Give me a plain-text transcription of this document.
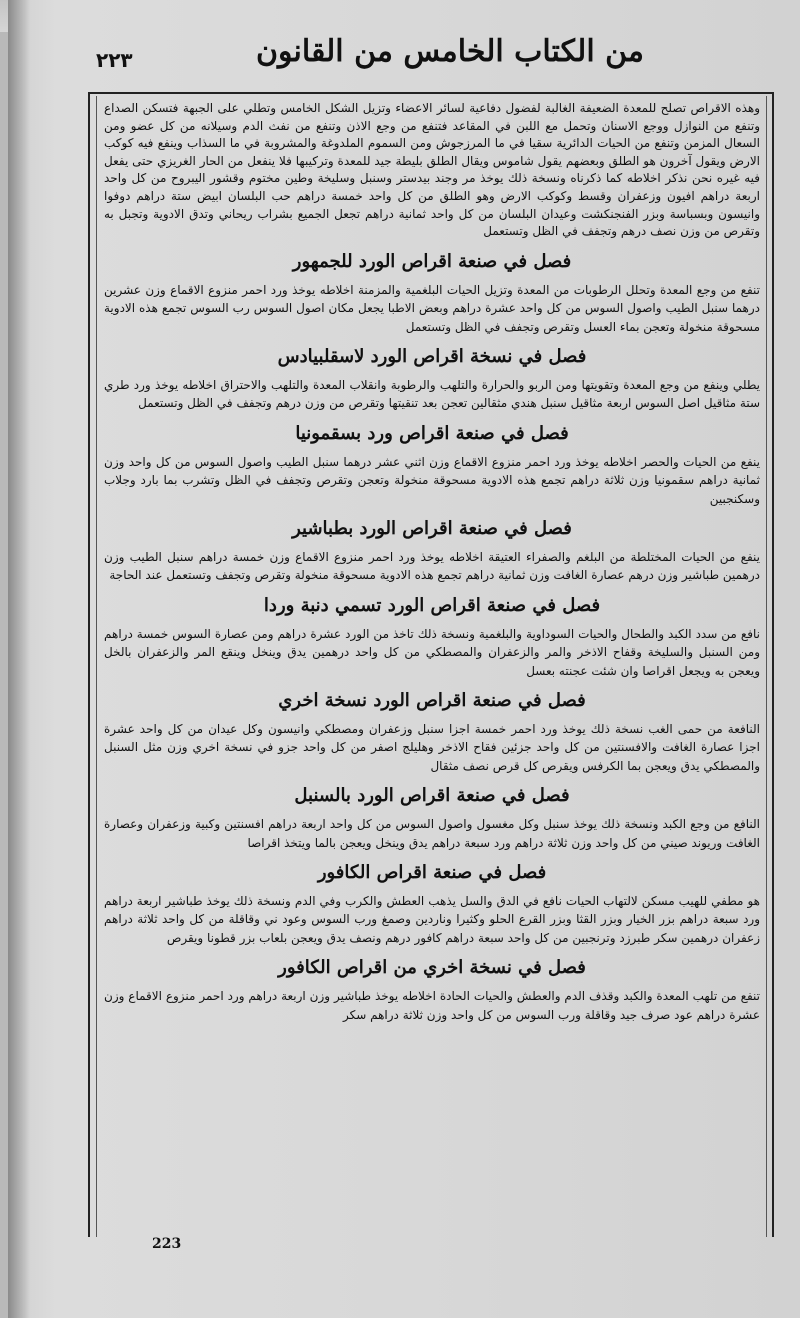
٢٢٣	من الكتاب الخامس من القانون

وهذه الاقراص تصلح للمعدة الضعيفة الغالبة لفضول دفاعية لسائر الاعضاء وتزيل الشكل الخامس وتطلي على الجبهة فتسكن الصداع وتنفع من النوازل ووجع الاسنان وتحمل مع اللبن في المقاعد فتنفع من وجع الاذن وتنفع من نفث الدم وسيلانه من كل عضو ومن السعال المزمن وتنفع من الحيات الدائرية سقيا في ما المرزجوش ومن السموم الملدوغة والمشروبة في ما السذاب وينفع فيه كوكب الارض ويقول آخرون هو الطلق وبعضهم يقول شاموس ويقال الطلق بليطة جيد للمعدة وتركيبها فلا ينفعل من الحار الغريزي حتى يفعل فيه غيره نحن نذكر اخلاطه كما ذكرناه ونسخة ذلك يوخذ مر وجند بيدستر وسنبل وسليخة وطين مختوم وقشور اليبروح من كل واحد اربعة دراهم افيون وزعفران وقسط وكوكب الارض وهو الطلق من كل واحد خمسة دراهم حب البلسان ابيض ستة دراهم دوفوا وانيسون وبسباسة وبزر الفنجنكشت وعيدان البلسان من كل واحد ثمانية دراهم تجعل الجميع بشراب ريحاني وتدق الادوية وتجبل به وتقرص من وزن نصف درهم وتجفف في الظل وتستعمل

فصل في صنعة اقراص الورد للجمهور

تنفع من وجع المعدة وتحلل الرطوبات من المعدة وتزيل الحيات البلغمية والمزمنة اخلاطه يوخذ ورد احمر منزوع الاقماع وزن عشرين درهما سنبل الطيب واصول السوس من كل واحد عشرة دراهم وبعض الاطبا يجعل مكان اصول السوس رب السوس تجمع هذه الادوية مسحوقة منخولة وتعجن بماء العسل وتقرص وتجفف في الظل وتستعمل

فصل في نسخة اقراص الورد لاسقلبيادس

يطلي وينفع من وجع المعدة وتقويتها ومن الربو والحرارة والتلهب والرطوبة وانقلاب المعدة والتلهب والاحتراق اخلاطه يوخذ ورد طري ستة مثاقيل اصل السوس اربعة مثاقيل سنبل هندي مثقالين تعجن بعد تنقيتها وتقرص من وزن درهم وتجفف في الظل وتستعمل

فصل في صنعة اقراص ورد بسقمونيا

ينفع من الحيات والحصر اخلاطه يوخذ ورد احمر منزوع الاقماع وزن اثني عشر درهما سنبل الطيب واصول السوس من كل واحد وزن ثمانية دراهم سقمونيا وزن ثلاثة دراهم تجمع هذه الادوية مسحوقة منخولة وتعجن وتقرص وتجفف في الظل وتشرب بما بارد وجلاب وسكنجبين

فصل في صنعة اقراص الورد بطباشير

ينفع من الحيات المختلطة من البلغم والصفراء العتيقة اخلاطه يوخذ ورد احمر منزوع الاقماع وزن خمسة دراهم سنبل الطيب وزن درهمين طباشير وزن درهم عصارة الغافت وزن ثمانية دراهم تجمع هذه الادوية مسحوقة منخولة وتقرص وتجفف وتستعمل عند الحاجة

فصل في صنعة اقراص الورد تسمي دنبة وردا

نافع من سدد الكبد والطحال والحيات السوداوية والبلغمية ونسخة ذلك تاخذ من الورد عشرة دراهم ومن عصارة السوس خمسة دراهم ومن السنبل والسليخة وقفاح الاذخر والمر والزعفران والمصطكي من كل واحد درهمين يدق وينخل وينقع المر والزعفران بالخل ويعجن به ويجعل اقراصا وان شئت عجنته بعسل

فصل في صنعة اقراص الورد نسخة اخري

النافعة من حمى الغب نسخة ذلك يوخذ ورد احمر خمسة اجزا سنبل وزعفران ومصطكي وانيسون وكل عيدان من كل واحد عشرة اجزا عصارة الغافت والافسنتين من كل واحد جزئين فقاح الاذخر وهليلج اصفر من كل واحد جزو في نسخة اخري وزن مثل السنبل والمصطكي يدق ويعجن بما الكرفس ويقرص كل قرص نصف مثقال

فصل في صنعة اقراص الورد بالسنبل

النافع من وجع الكبد ونسخة ذلك يوخذ سنبل وكل مغسول واصول السوس من كل واحد اربعة دراهم افسنتين وكبية وزعفران وعصارة الغافت وريوند صيني من كل واحد وزن ثلاثة دراهم ورد سبعة دراهم يدق وينخل ويعجن بالما ويتخذ اقراصا

فصل في صنعة اقراص الكافور

هو مطفي للهيب مسكن لالتهاب الحيات نافع في الدق والسل يذهب العطش والكرب وفي الدم ونسخة ذلك يوخذ طباشير اربعة دراهم ورد سبعة دراهم بزر الخيار وبزر القثا وبزر القرع الحلو وكثيرا وناردين وصمغ ورب السوس وعود ني وقاقلة من كل واحد ثلاثة دراهم زعفران درهمين سكر طبرزد وترنجبين من كل واحد سبعة دراهم كافور درهم ونصف يدق ويعجن بلعاب بزر قطونا ويقرص

فصل في نسخة اخري من اقراص الكافور

تنفع من تلهب المعدة والكبد وقذف الدم والعطش والحيات الحادة اخلاطه يوخذ طباشير وزن اربعة دراهم ورد احمر منزوع الاقماع وزن عشرة دراهم عود صرف جيد وقاقلة ورب السوس من كل واحد وزن ثلاثة دراهم سكر

223
